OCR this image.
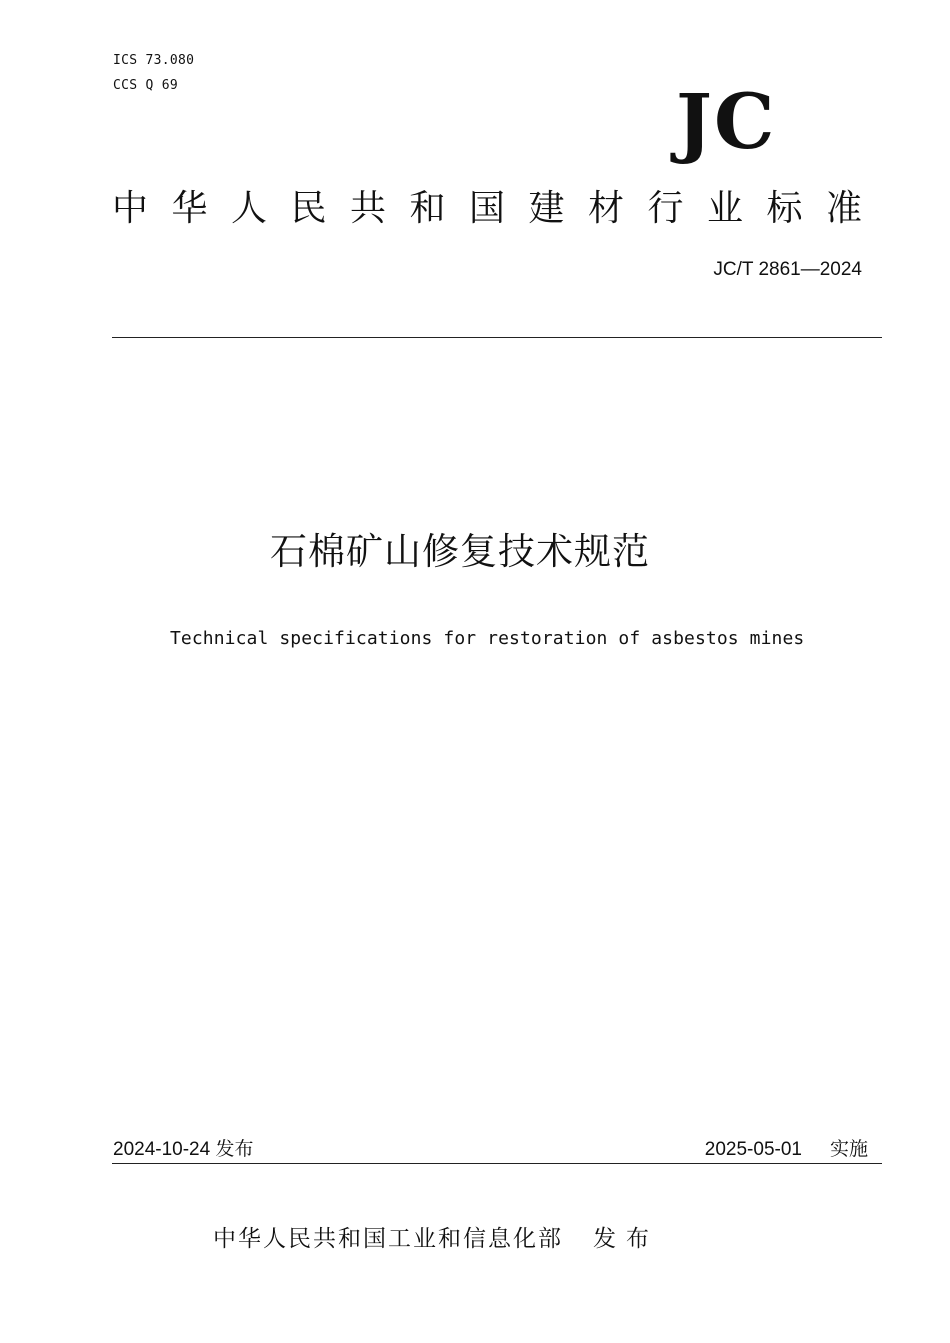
ICS 73.080
CCS Q 69	JC
中华人民共和国建材行业标准
JC/T 2861—2024
石棉矿山修复技术规范
Technical specifications for restoration of asbestos mines
2024-10-24 发布	2025-05-01 实施
中华人民共和国工业和信息化部 发布
